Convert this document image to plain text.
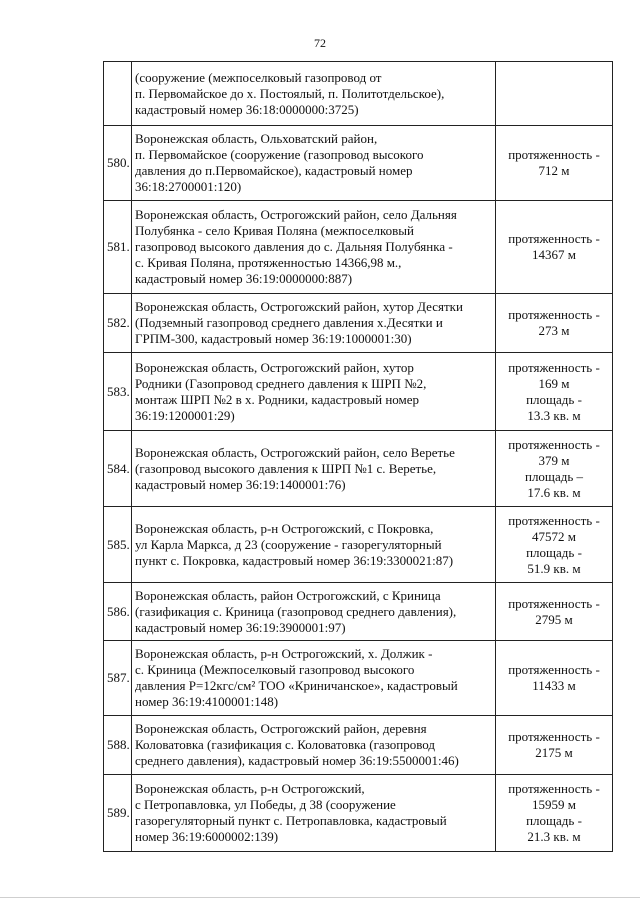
72

	(сооружение (межпоселковый газопровод от
п. Первомайское до х. Постоялый, п. Политотдельское),
кадастровый номер 36:18:0000000:3725)	

580.	Воронежская область, Ольховатский район,
п. Первомайское (сооружение (газопровод высокого
давления до п.Первомайское), кадастровый номер
36:18:2700001:120)	протяженность -
712 м

581.	Воронежская область, Острогожский район, село Дальняя
Полубянка - село Кривая Поляна (межпоселковый
газопровод высокого давления до с. Дальняя Полубянка -
с. Кривая Поляна, протяженностью 14366,98 м.,
кадастровый номер 36:19:0000000:887)	протяженность -
14367 м

582.	Воронежская область, Острогожский район, хутор Десятки
(Подземный газопровод среднего давления х.Десятки и
ГРПМ-300, кадастровый номер 36:19:1000001:30)	протяженность -
273 м

583.	Воронежская область, Острогожский район, хутор
Родники (Газопровод среднего давления к ШРП №2,
монтаж ШРП №2 в х. Родники, кадастровый номер
36:19:1200001:29)	протяженность -
169 м
площадь -
13.3 кв. м

584.	Воронежская область, Острогожский район, село Веретье
(газопровод высокого давления к ШРП №1 с. Веретье,
кадастровый номер 36:19:1400001:76)	протяженность -
379 м
площадь –
17.6 кв. м

585.	Воронежская область, р-н Острогожский, с Покровка,
ул Карла Маркса, д 23 (сооружение - газорегуляторный
пункт с. Покровка, кадастровый номер 36:19:3300021:87)	протяженность -
47572 м
площадь -
51.9 кв. м

586.	Воронежская область, район Острогожский, с Криница
(газификация с. Криница (газопровод среднего давления),
кадастровый номер 36:19:3900001:97)	протяженность -
2795 м

587.	Воронежская область, р-н Острогожский, х. Должик -
с. Криница (Межпоселковый газопровод высокого
давления Р=12кгс/см² ТОО «Криничанское», кадастровый
номер 36:19:4100001:148)	протяженность -
11433 м

588.	Воронежская область, Острогожский район, деревня
Коловатовка (газификация с. Коловатовка (газопровод
среднего давления), кадастровый номер 36:19:5500001:46)	протяженность -
2175 м

589.	Воронежская область, р-н Острогожский,
с Петропавловка, ул Победы, д 38 (сооружение
газорегуляторный пункт с. Петропавловка, кадастровый
номер 36:19:6000002:139)	протяженность -
15959 м
площадь -
21.3 кв. м
